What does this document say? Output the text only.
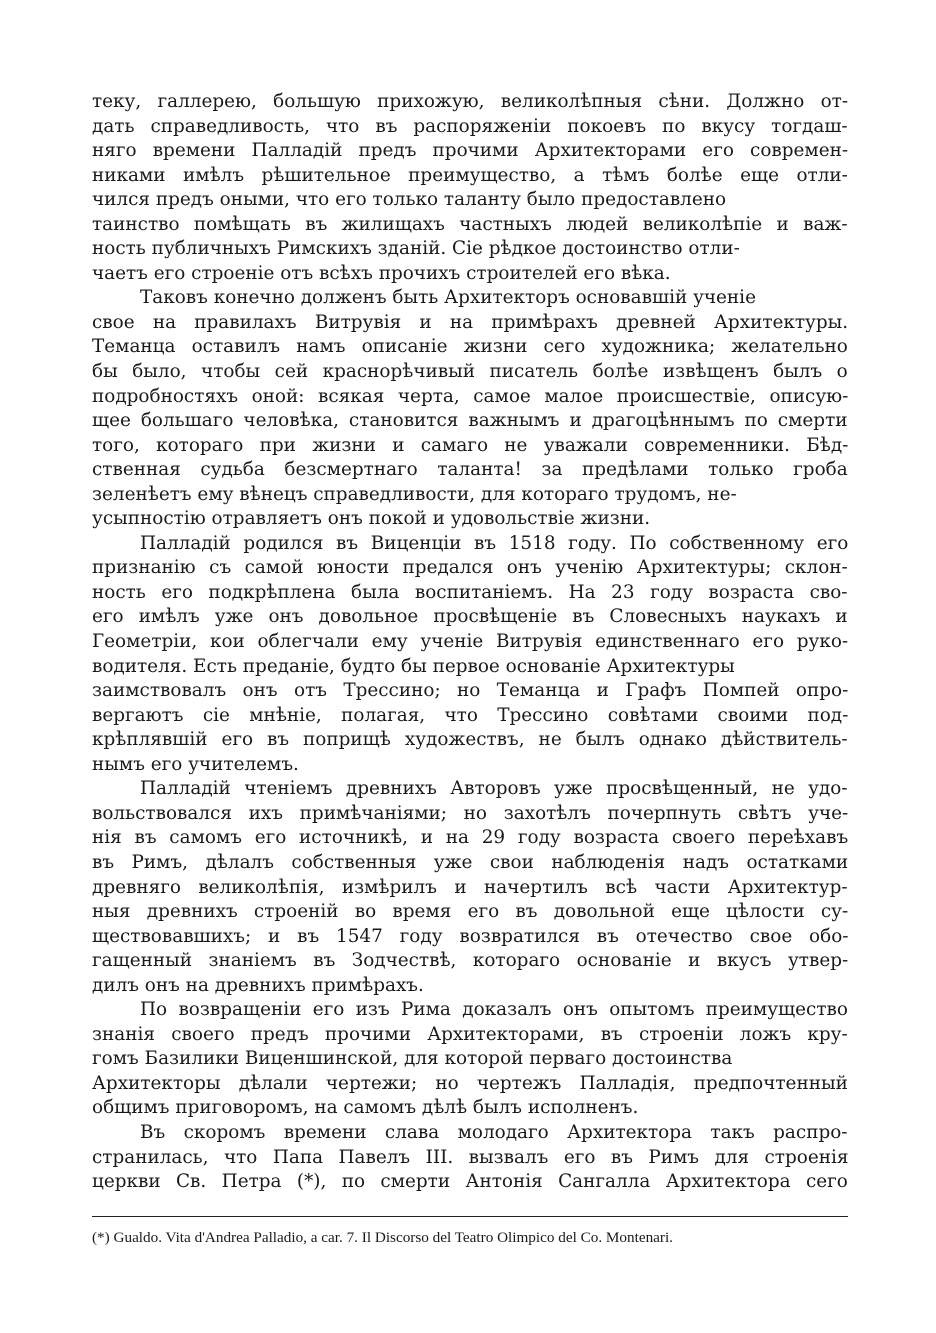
теку, галлерею, большую прихожую, великолѣпныя сѣни. Должно от-
дать справедливость, что въ распоряженіи покоевъ по вкусу тогдаш-
няго времени Палладій предъ прочими Архитекторами его современ-
никами имѣлъ рѣшительное преимущество, а тѣмъ болѣе еще отли-
чился предъ оными, что его только таланту было предоставлено
таинство помѣщать въ жилищахъ частныхъ людей великолѣпіе и важ-
ность публичныхъ Римскихъ зданій. Сіе рѣдкое достоинство отли-
чаетъ его строеніе отъ всѣхъ прочихъ строителей его вѣка.
Таковъ конечно долженъ быть Архитекторъ основавшій ученіе
свое на правилахъ Витрувія и на примѣрахъ древней Архитектуры.
Теманца оставилъ намъ описаніе жизни сего художника; желательно
бы было, чтобы сей краснорѣчивый писатель болѣе извѣщенъ былъ о
подробностяхъ оной: всякая черта, самое малое происшествіе, описую-
щее большаго человѣка, становится важнымъ и драгоцѣннымъ по смерти
того, котораго при жизни и самаго не уважали современники. Бѣд-
ственная судьба безсмертнаго таланта! за предѣлами только гроба
зеленѣетъ ему вѣнецъ справедливости, для котораго трудомъ, не-
усыпностію отравляетъ онъ покой и удовольствіе жизни.
Палладій родился въ Виценціи въ 1518 году. По собственному его
признанію съ самой юности предался онъ ученію Архитектуры; склон-
ность его подкрѣплена была воспитаніемъ. На 23 году возраста сво-
его имѣлъ уже онъ довольное просвѣщеніе въ Словесныхъ наукахъ и
Геометріи, кои облегчали ему ученіе Витрувія единственнаго его руко-
водителя. Есть преданіе, будто бы первое основаніе Архитектуры
заимствовалъ онъ отъ Трессино; но Теманца и Графъ Помпей опро-
вергаютъ сіе мнѣніе, полагая, что Трессино совѣтами своими под-
крѣплявшій его въ поприщѣ художествъ, не былъ однако дѣйствитель-
нымъ его учителемъ.
Палладій чтеніемъ древнихъ Авторовъ уже просвѣщенный, не удо-
вольствовался ихъ примѣчаніями; но захотѣлъ почерпнуть свѣтъ уче-
нія въ самомъ его источникѣ, и на 29 году возраста своего переѣхавъ
въ Римъ, дѣлалъ собственныя уже свои наблюденія надъ остатками
древняго великолѣпія, измѣрилъ и начертилъ всѣ части Архитектур-
ныя древнихъ строеній во время его въ довольной еще цѣлости су-
ществовавшихъ; и въ 1547 году возвратился въ отечество свое обо-
гащенный знаніемъ въ Зодчествѣ, котораго основаніе и вкусъ утвер-
дилъ онъ на древнихъ примѣрахъ.
По возвращеніи его изъ Рима доказалъ онъ опытомъ преимущество
знанія своего предъ прочими Архитекторами, въ строеніи ложъ кру-
гомъ Базилики Виценшинской, для которой перваго достоинства
Архитекторы дѣлали чертежи; но чертежъ Палладія, предпочтенный
общимъ приговоромъ, на самомъ дѣлѣ былъ исполненъ.
Въ скоромъ времени слава молодаго Архитектора такъ распро-
странилась, что Папа Павелъ III. вызвалъ его въ Римъ для строенія
церкви Св. Петра (*), по смерти Антонія Сангалла Архитектора сего
(*) Gualdo. Vita d'Andrea Palladio, a car. 7. Il Discorso del Teatro Olimpico del Co. Montenari.
